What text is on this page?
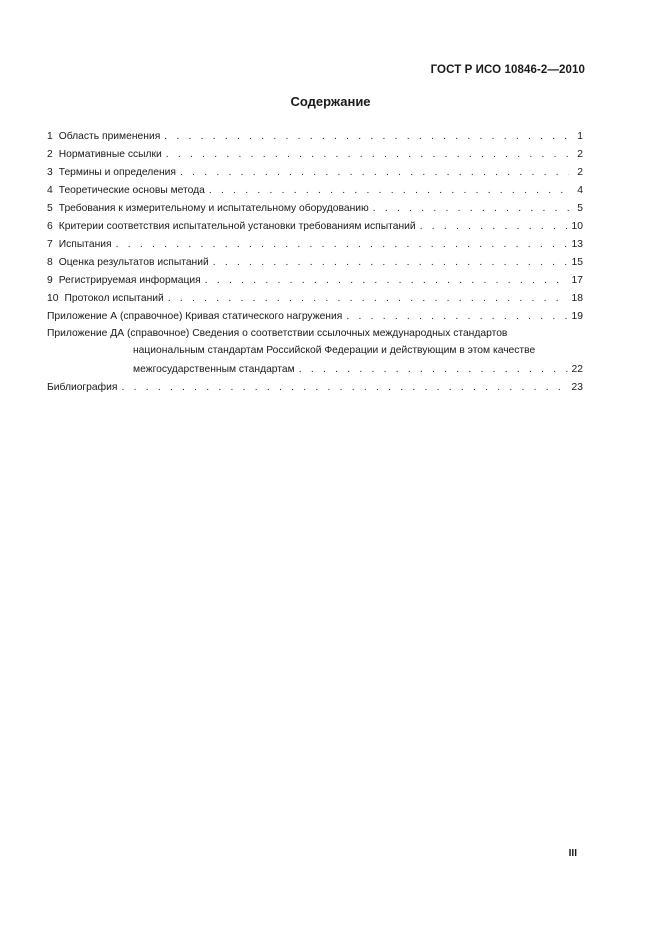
ГОСТ Р ИСО 10846-2—2010
Содержание
1 Область применения . . .	1
2 Нормативные ссылки . . .	2
3 Термины и определения . . .	2
4 Теоретические основы метода . . .	4
5 Требования к измерительному и испытательному оборудованию . . .	5
6 Критерии соответствия испытательной установки требованиям испытаний . . .	10
7 Испытания . . .	13
8 Оценка результатов испытаний . . .	15
9 Регистрируемая информация . . .	17
10 Протокол испытаний . . .	18
Приложение А (справочное) Кривая статического нагружения . . .	19
Приложение ДА (справочное) Сведения о соответствии ссылочных международных стандартов
национальным стандартам Российской Федерации и действующим в этом качестве
межгосударственным стандартам . . .	22
Библиография . . .	23
III
